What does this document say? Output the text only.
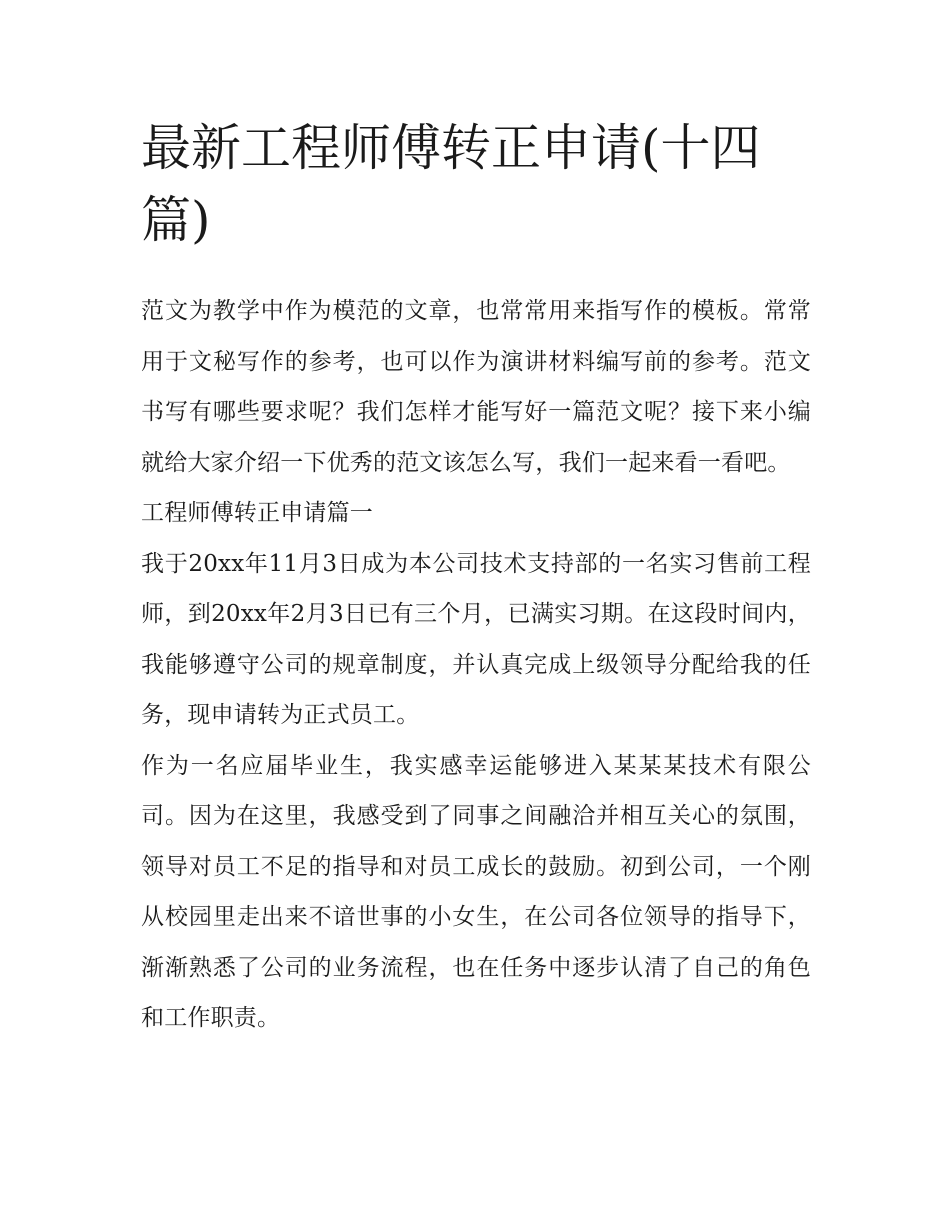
最新工程师傅转正申请(十四篇)

范文为教学中作为模范的文章，也常常用来指写作的模板。常常用于文秘写作的参考，也可以作为演讲材料编写前的参考。范文书写有哪些要求呢？我们怎样才能写好一篇范文呢？接下来小编就给大家介绍一下优秀的范文该怎么写，我们一起来看一看吧。

工程师傅转正申请篇一

我于20xx年11月3日成为本公司技术支持部的一名实习售前工程师，到20xx年2月3日已有三个月，已满实习期。在这段时间内，我能够遵守公司的规章制度，并认真完成上级领导分配给我的任务，现申请转为正式员工。

作为一名应届毕业生，我实感幸运能够进入某某某技术有限公司。因为在这里，我感受到了同事之间融洽并相互关心的氛围，领导对员工不足的指导和对员工成长的鼓励。初到公司，一个刚从校园里走出来不谙世事的小女生，在公司各位领导的指导下，渐渐熟悉了公司的业务流程，也在任务中逐步认清了自己的角色和工作职责。
